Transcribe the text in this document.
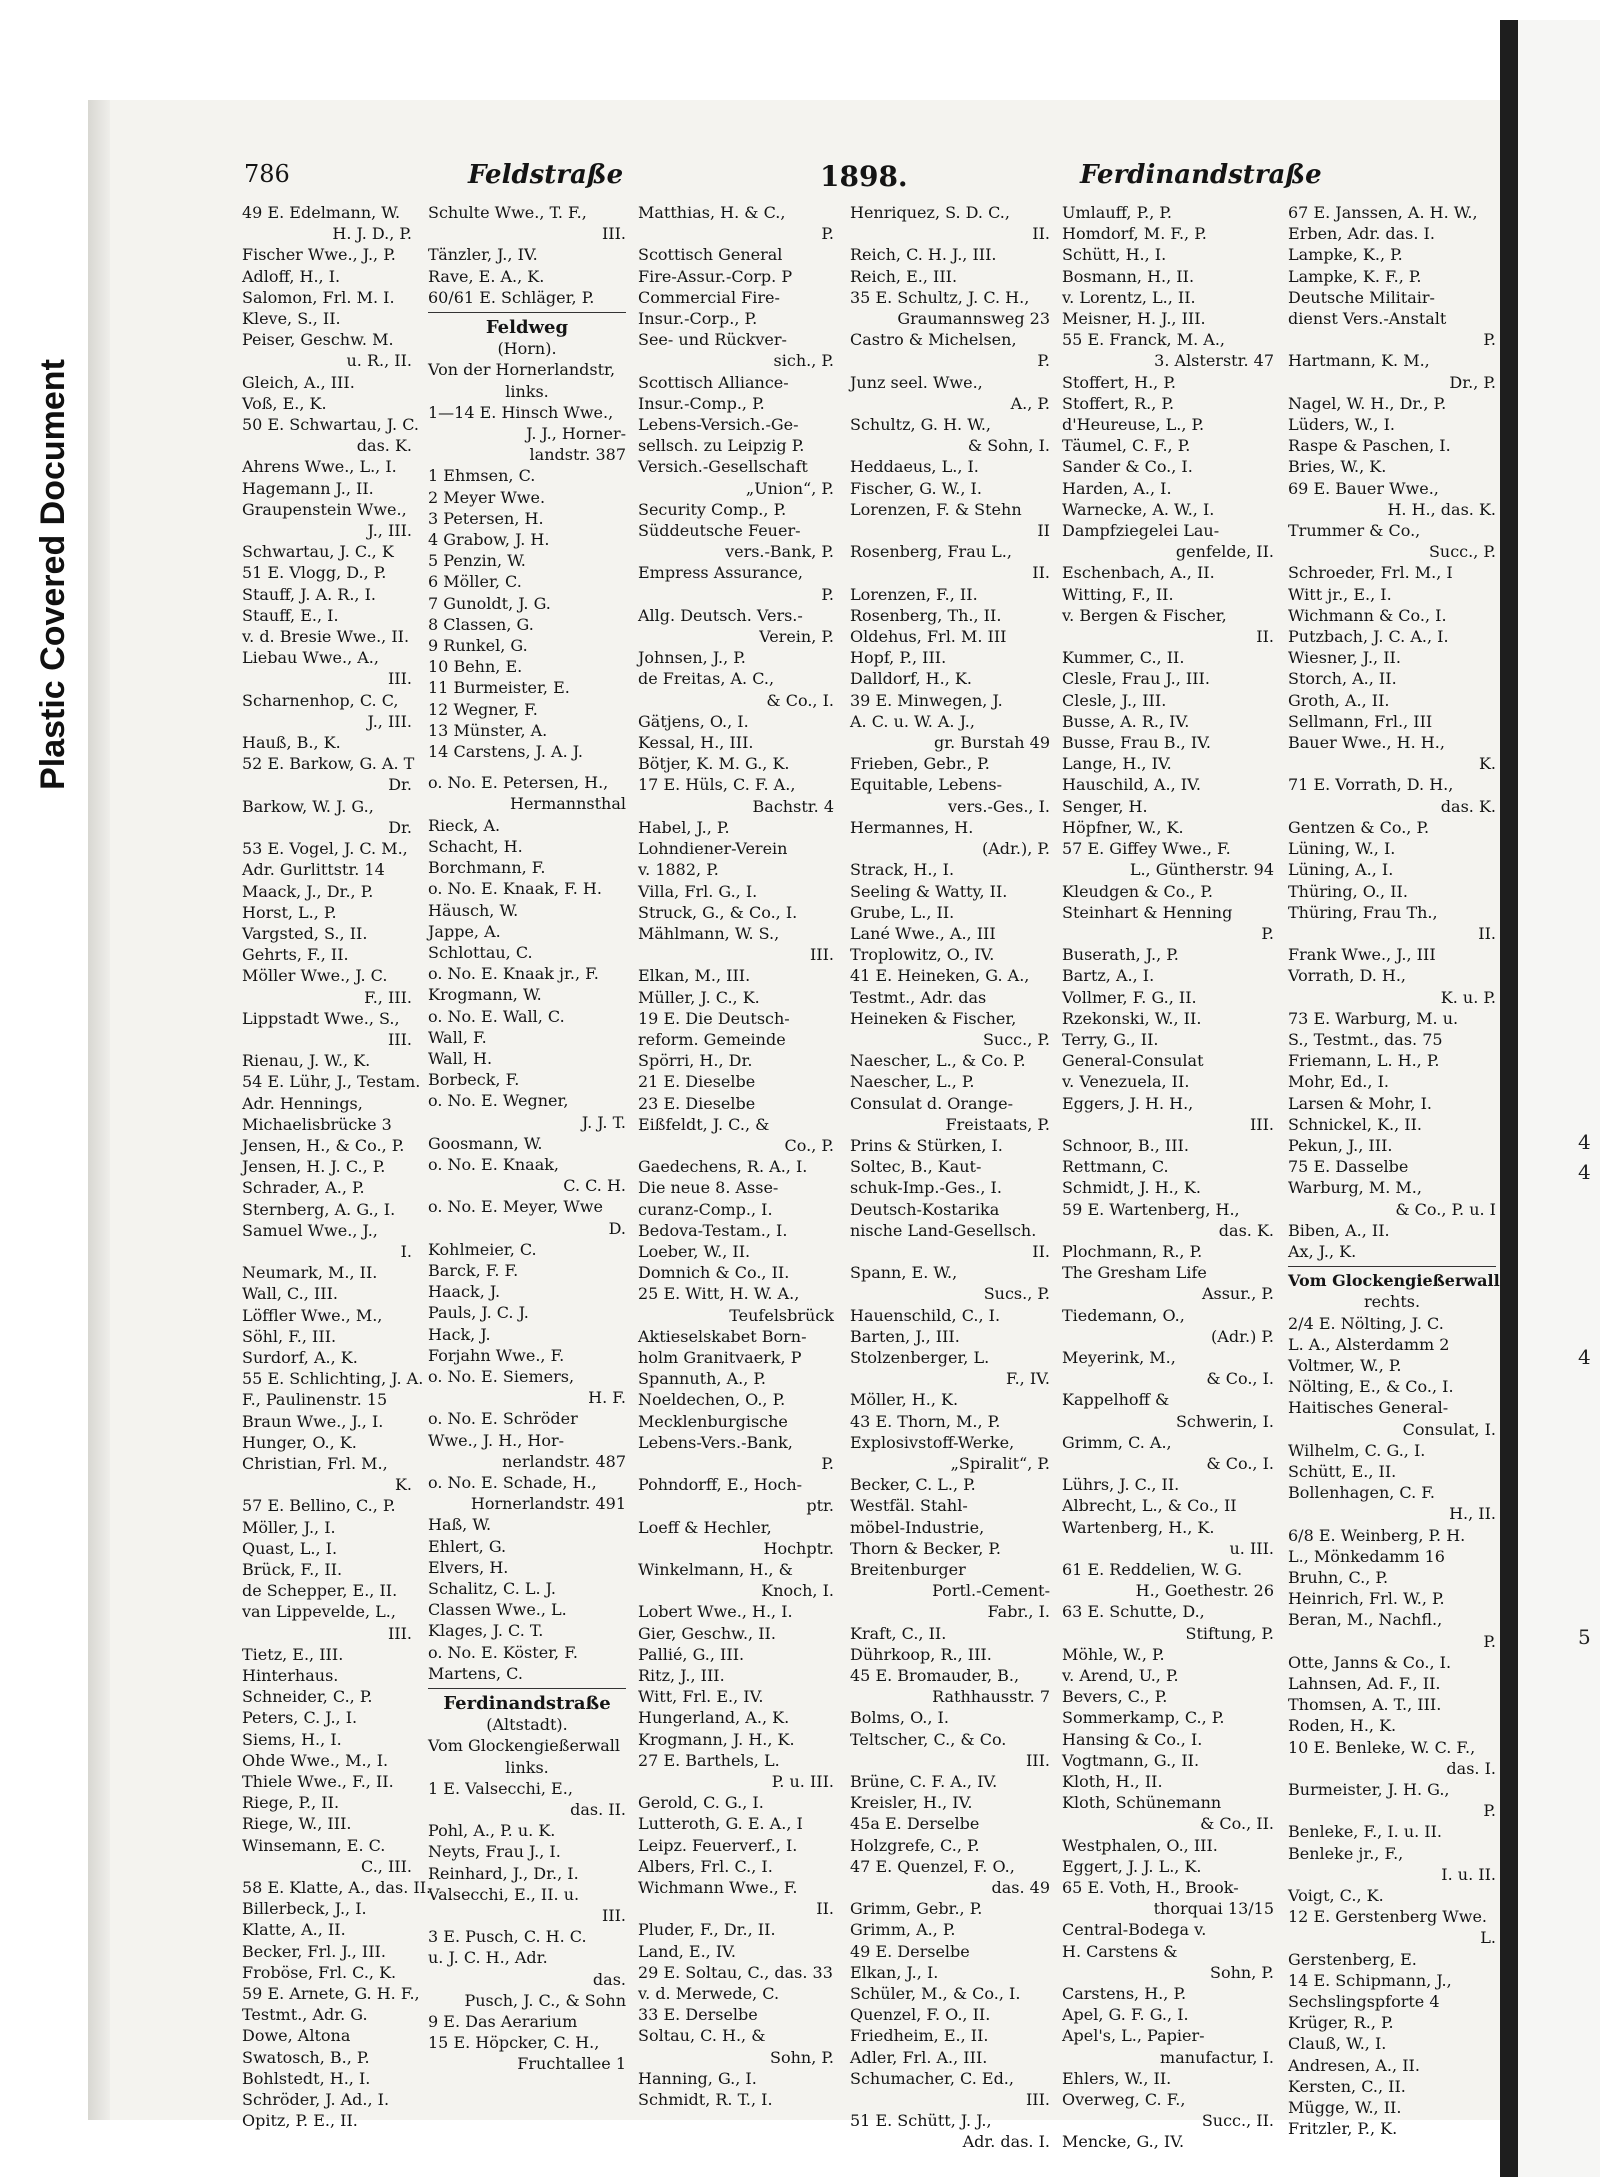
Plastic Covered Document
4
4
4
5
786	Feldstraße	1898.	Ferdinandstraße
49 E. Edelmann, W.
H. J. D., P.
Fischer Wwe., J., P.
Adloff, H., I.
Salomon, Frl. M. I.
Kleve, S., II.
Peiser, Geschw. M.
u. R., II.
Gleich, A., III.
Voß, E., K.
50 E. Schwartau, J. C.
das. K.
Ahrens Wwe., L., I.
Hagemann J., II.
Graupenstein Wwe.,
J., III.
Schwartau, J. C., K
51 E. Vlogg, D., P.
Stauff, J. A. R., I.
Stauff, E., I.
v. d. Bresie Wwe., II.
Liebau Wwe., A.,
III.
Scharnenhop, C. C,
J., III.
Hauß, B., K.
52 E. Barkow, G. A. T
Dr.
Barkow, W. J. G.,
Dr.
53 E. Vogel, J. C. M.,
Adr. Gurlittstr. 14
Maack, J., Dr., P.
Horst, L., P.
Vargsted, S., II.
Gehrts, F., II.
Möller Wwe., J. C.
F., III.
Lippstadt Wwe., S.,
III.
Rienau, J. W., K.
54 E. Lühr, J., Testam.
Adr. Hennings,
Michaelisbrücke 3
Jensen, H., & Co., P.
Jensen, H. J. C., P.
Schrader, A., P.
Sternberg, A. G., I.
Samuel Wwe., J.,
I.
Neumark, M., II.
Wall, C., III.
Löffler Wwe., M.,
Söhl, F., III.
Surdorf, A., K.
55 E. Schlichting, J. A.
F., Paulinenstr. 15
Braun Wwe., J., I.
Hunger, O., K.
Christian, Frl. M.,
K.
57 E. Bellino, C., P.
Möller, J., I.
Quast, L., I.
Brück, F., II.
de Schepper, E., II.
van Lippevelde, L.,
III.
Tietz, E., III.
Hinterhaus.
Schneider, C., P.
Peters, C. J., I.
Siems, H., I.
Ohde Wwe., M., I.
Thiele Wwe., F., II.
Riege, P., II.
Riege, W., III.
Winsemann, E. C.
C., III.
58 E. Klatte, A., das. II.
Billerbeck, J., I.
Klatte, A., II.
Becker, Frl. J., III.
Froböse, Frl. C., K.
59 E. Arnete, G. H. F.,
Testmt., Adr. G.
Dowe, Altona
Swatosch, B., P.
Bohlstedt, H., I.
Schröder, J. Ad., I.
Opitz, P. E., II.
Schulte Wwe., T. F.,
III.
Tänzler, J., IV.
Rave, E. A., K.
60/61 E. Schläger, P.
Feldweg
(Horn).
Von der Hornerlandstr,
links.
1—14 E. Hinsch Wwe.,
J. J., Horner-
landstr. 387
1 Ehmsen, C.
2 Meyer Wwe.
3 Petersen, H.
4 Grabow, J. H.
5 Penzin, W.
6 Möller, C.
7 Gunoldt, J. G.
8 Classen, G.
9 Runkel, G.
10 Behn, E.
11 Burmeister, E.
12 Wegner, F.
13 Münster, A.
14 Carstens, J. A. J.
o. No. E. Petersen, H.,
Hermannsthal
Rieck, A.
Schacht, H.
Borchmann, F.
o. No. E. Knaak, F. H.
Häusch, W.
Jappe, A.
Schlottau, C.
o. No. E. Knaak jr., F.
Krogmann, W.
o. No. E. Wall, C.
Wall, F.
Wall, H.
Borbeck, F.
o. No. E. Wegner,
J. J. T.
Goosmann, W.
o. No. E. Knaak,
C. C. H.
o. No. E. Meyer, Wwe
D.
Kohlmeier, C.
Barck, F. F.
Haack, J.
Pauls, J. C. J.
Hack, J.
Forjahn Wwe., F.
o. No. E. Siemers,
H. F.
o. No. E. Schröder
Wwe., J. H., Hor-
nerlandstr. 487
o. No. E. Schade, H.,
Hornerlandstr. 491
Haß, W.
Ehlert, G.
Elvers, H.
Schalitz, C. L. J.
Classen Wwe., L.
Klages, J. C. T.
o. No. E. Köster, F.
Martens, C.
Ferdinandstraße
(Altstadt).
Vom Glockengießerwall
links.
1 E. Valsecchi, E.,
das. II.
Pohl, A., P. u. K.
Neyts, Frau J., I.
Reinhard, J., Dr., I.
Valsecchi, E., II. u.
III.
3 E. Pusch, C. H. C.
u. J. C. H., Adr.
das.
Pusch, J. C., & Sohn
9 E. Das Aerarium
15 E. Höpcker, C. H.,
Fruchtallee 1
Matthias, H. & C.,
P.
Scottisch General
Fire-Assur.-Corp. P
Commercial Fire-
Insur.-Corp., P.
See- und Rückver-
sich., P.
Scottisch Alliance-
Insur.-Comp., P.
Lebens-Versich.-Ge-
sellsch. zu Leipzig P.
Versich.-Gesellschaft
„Union“, P.
Security Comp., P.
Süddeutsche Feuer-
vers.-Bank, P.
Empress Assurance,
P.
Allg. Deutsch. Vers.-
Verein, P.
Johnsen, J., P.
de Freitas, A. C.,
& Co., I.
Gätjens, O., I.
Kessal, H., III.
Bötjer, K. M. G., K.
17 E. Hüls, C. F. A.,
Bachstr. 4
Habel, J., P.
Lohndiener-Verein
v. 1882, P.
Villa, Frl. G., I.
Struck, G., & Co., I.
Mählmann, W. S.,
III.
Elkan, M., III.
Müller, J. C., K.
19 E. Die Deutsch-
reform. Gemeinde
Spörri, H., Dr.
21 E. Dieselbe
23 E. Dieselbe
Eißfeldt, J. C., &
Co., P.
Gaedechens, R. A., I.
Die neue 8. Asse-
curanz-Comp., I.
Bedova-Testam., I.
Loeber, W., II.
Domnich & Co., II.
25 E. Witt, H. W. A.,
Teufelsbrück
Aktieselskabet Born-
holm Granitvaerk, P
Spannuth, A., P.
Noeldechen, O., P.
Mecklenburgische
Lebens-Vers.-Bank,
P.
Pohndorff, E., Hoch-
ptr.
Loeff & Hechler,
Hochptr.
Winkelmann, H., &
Knoch, I.
Lobert Wwe., H., I.
Gier, Geschw., II.
Pallié, G., III.
Ritz, J., III.
Witt, Frl. E., IV.
Hungerland, A., K.
Krogmann, J. H., K.
27 E. Barthels, L.
P. u. III.
Gerold, C. G., I.
Lutteroth, G. E. A., I
Leipz. Feuerverf., I.
Albers, Frl. C., I.
Wichmann Wwe., F.
II.
Pluder, F., Dr., II.
Land, E., IV.
29 E. Soltau, C., das. 33
v. d. Merwede, C.
33 E. Derselbe
Soltau, C. H., &
Sohn, P.
Hanning, G., I.
Schmidt, R. T., I.
Henriquez, S. D. C.,
II.
Reich, C. H. J., III.
Reich, E., III.
35 E. Schultz, J. C. H.,
Graumannsweg 23
Castro & Michelsen,
P.
Junz seel. Wwe.,
A., P.
Schultz, G. H. W.,
& Sohn, I.
Heddaeus, L., I.
Fischer, G. W., I.
Lorenzen, F. & Stehn
II
Rosenberg, Frau L.,
II.
Lorenzen, F., II.
Rosenberg, Th., II.
Oldehus, Frl. M. III
Hopf, P., III.
Dalldorf, H., K.
39 E. Minwegen, J.
A. C. u. W. A. J.,
gr. Burstah 49
Frieben, Gebr., P.
Equitable, Lebens-
vers.-Ges., I.
Hermannes, H.
(Adr.), P.
Strack, H., I.
Seeling & Watty, II.
Grube, L., II.
Lané Wwe., A., III
Troplowitz, O., IV.
41 E. Heineken, G. A.,
Testmt., Adr. das
Heineken & Fischer,
Succ., P.
Naescher, L., & Co. P.
Naescher, L., P.
Consulat d. Orange-
Freistaats, P.
Prins & Stürken, I.
Soltec, B., Kaut-
schuk-Imp.-Ges., I.
Deutsch-Kostarika
nische Land-Gesellsch.
II.
Spann, E. W.,
Sucs., P.
Hauenschild, C., I.
Barten, J., III.
Stolzenberger, L.
F., IV.
Möller, H., K.
43 E. Thorn, M., P.
Explosivstoff-Werke,
„Spiralit“, P.
Becker, C. L., P.
Westfäl. Stahl-
möbel-Industrie,
Thorn & Becker, P.
Breitenburger
Portl.-Cement-
Fabr., I.
Kraft, C., II.
Dührkoop, R., III.
45 E. Bromauder, B.,
Rathhausstr. 7
Bolms, O., I.
Teltscher, C., & Co.
III.
Brüne, C. F. A., IV.
Kreisler, H., IV.
45a E. Derselbe
Holzgrefe, C., P.
47 E. Quenzel, F. O.,
das. 49
Grimm, Gebr., P.
Grimm, A., P.
49 E. Derselbe
Elkan, J., I.
Schüler, M., & Co., I.
Quenzel, F. O., II.
Friedheim, E., II.
Adler, Frl. A., III.
Schumacher, C. Ed.,
III.
51 E. Schütt, J. J.,
Adr. das. I.
Umlauff, P., P.
Homdorf, M. F., P.
Schütt, H., I.
Bosmann, H., II.
v. Lorentz, L., II.
Meisner, H. J., III.
55 E. Franck, M. A.,
3. Alsterstr. 47
Stoffert, H., P.
Stoffert, R., P.
d'Heureuse, L., P.
Täumel, C. F., P.
Sander & Co., I.
Harden, A., I.
Warnecke, A. W., I.
Dampfziegelei Lau-
genfelde, II.
Eschenbach, A., II.
Witting, F., II.
v. Bergen & Fischer,
II.
Kummer, C., II.
Clesle, Frau J., III.
Clesle, J., III.
Busse, A. R., IV.
Busse, Frau B., IV.
Lange, H., IV.
Hauschild, A., IV.
Senger, H.
Höpfner, W., K.
57 E. Giffey Wwe., F.
L., Güntherstr. 94
Kleudgen & Co., P.
Steinhart & Henning
P.
Buserath, J., P.
Bartz, A., I.
Vollmer, F. G., II.
Rzekonski, W., II.
Terry, G., II.
General-Consulat
v. Venezuela, II.
Eggers, J. H. H.,
III.
Schnoor, B., III.
Rettmann, C.
Schmidt, J. H., K.
59 E. Wartenberg, H.,
das. K.
Plochmann, R., P.
The Gresham Life
Assur., P.
Tiedemann, O.,
(Adr.) P.
Meyerink, M.,
& Co., I.
Kappelhoff &
Schwerin, I.
Grimm, C. A.,
& Co., I.
Lührs, J. C., II.
Albrecht, L., & Co., II
Wartenberg, H., K.
u. III.
61 E. Reddelien, W. G.
H., Goethestr. 26
63 E. Schutte, D.,
Stiftung, P.
Möhle, W., P.
v. Arend, U., P.
Bevers, C., P.
Sommerkamp, C., P.
Hansing & Co., I.
Vogtmann, G., II.
Kloth, H., II.
Kloth, Schünemann
& Co., II.
Westphalen, O., III.
Eggert, J. J. L., K.
65 E. Voth, H., Brook-
thorquai 13/15
Central-Bodega v.
H. Carstens &
Sohn, P.
Carstens, H., P.
Apel, G. F. G., I.
Apel's, L., Papier-
manufactur, I.
Ehlers, W., II.
Overweg, C. F.,
Succ., II.
Mencke, G., IV.
67 E. Janssen, A. H. W.,
Erben, Adr. das. I.
Lampke, K., P.
Lampke, K. F., P.
Deutsche Militair-
dienst Vers.-Anstalt
P.
Hartmann, K. M.,
Dr., P.
Nagel, W. H., Dr., P.
Lüders, W., I.
Raspe & Paschen, I.
Bries, W., K.
69 E. Bauer Wwe.,
H. H., das. K.
Trummer & Co.,
Succ., P.
Schroeder, Frl. M., I
Witt jr., E., I.
Wichmann & Co., I.
Putzbach, J. C. A., I.
Wiesner, J., II.
Storch, A., II.
Groth, A., II.
Sellmann, Frl., III
Bauer Wwe., H. H.,
K.
71 E. Vorrath, D. H.,
das. K.
Gentzen & Co., P.
Lüning, W., I.
Lüning, A., I.
Thüring, O., II.
Thüring, Frau Th.,
II.
Frank Wwe., J., III
Vorrath, D. H.,
K. u. P.
73 E. Warburg, M. u.
S., Testmt., das. 75
Friemann, L. H., P.
Mohr, Ed., I.
Larsen & Mohr, I.
Schnickel, K., II.
Pekun, J., III.
75 E. Dasselbe
Warburg, M. M.,
& Co., P. u. I
Biben, A., II.
Ax, J., K.
Vom Glockengießerwall
rechts.
2/4 E. Nölting, J. C.
L. A., Alsterdamm 2
Voltmer, W., P.
Nölting, E., & Co., I.
Haitisches General-
Consulat, I.
Wilhelm, C. G., I.
Schütt, E., II.
Bollenhagen, C. F.
H., II.
6/8 E. Weinberg, P. H.
L., Mönkedamm 16
Bruhn, C., P.
Heinrich, Frl. W., P.
Beran, M., Nachfl.,
P.
Otte, Janns & Co., I.
Lahnsen, Ad. F., II.
Thomsen, A. T., III.
Roden, H., K.
10 E. Benleke, W. C. F.,
das. I.
Burmeister, J. H. G.,
P.
Benleke, F., I. u. II.
Benleke jr., F.,
I. u. II.
Voigt, C., K.
12 E. Gerstenberg Wwe.
L.
Gerstenberg, E.
14 E. Schipmann, J.,
Sechslingspforte 4
Krüger, R., P.
Clauß, W., I.
Andresen, A., II.
Kersten, C., II.
Mügge, W., II.
Fritzler, P., K.
